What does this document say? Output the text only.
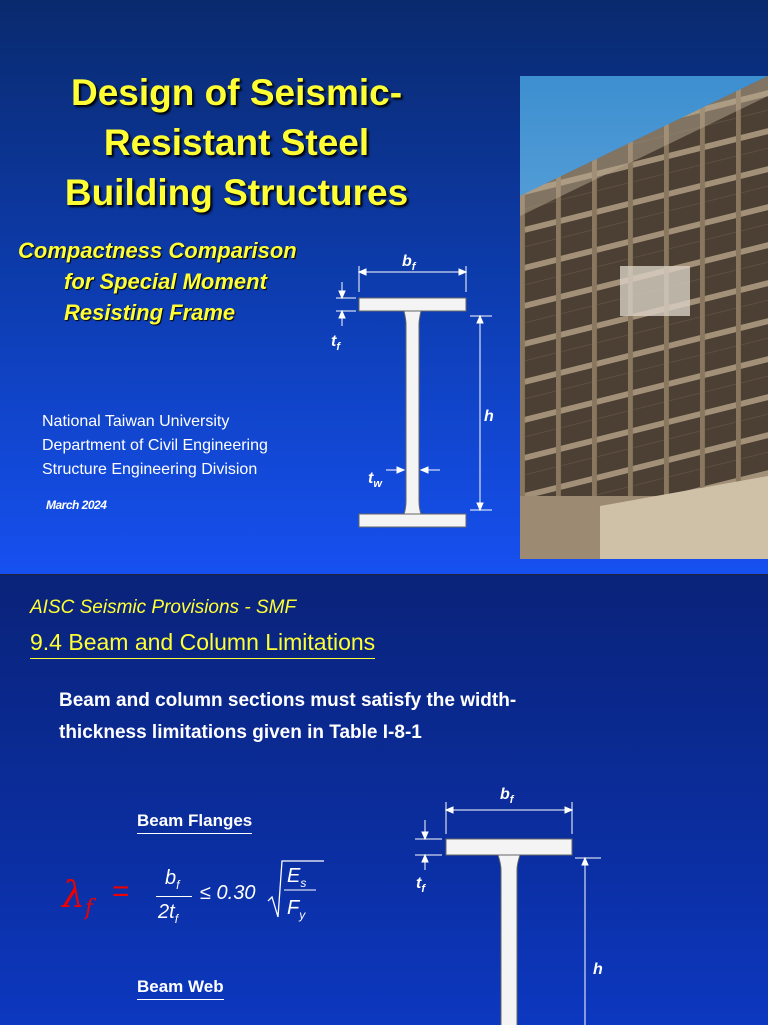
Design of Seismic-
Resistant Steel
Building Structures
Compactness Comparison
for Special Moment
Resisting Frame
National Taiwan University
Department of Civil Engineering
Structure Engineering Division
March 2024
$b_f$
$t_f$
h
$t_w$
AISC Seismic Provisions - SMF
9.4 Beam and Column Limitations
Beam and column sections must satisfy the width-
thickness limitations given in Table I-8-1
Beam Flanges
Beam Web
$\lambda_f$
= $b_f$
$2t_f$
≤ 0.30
$E_s$
$F_y$
$b_f$
$t_f$
h
